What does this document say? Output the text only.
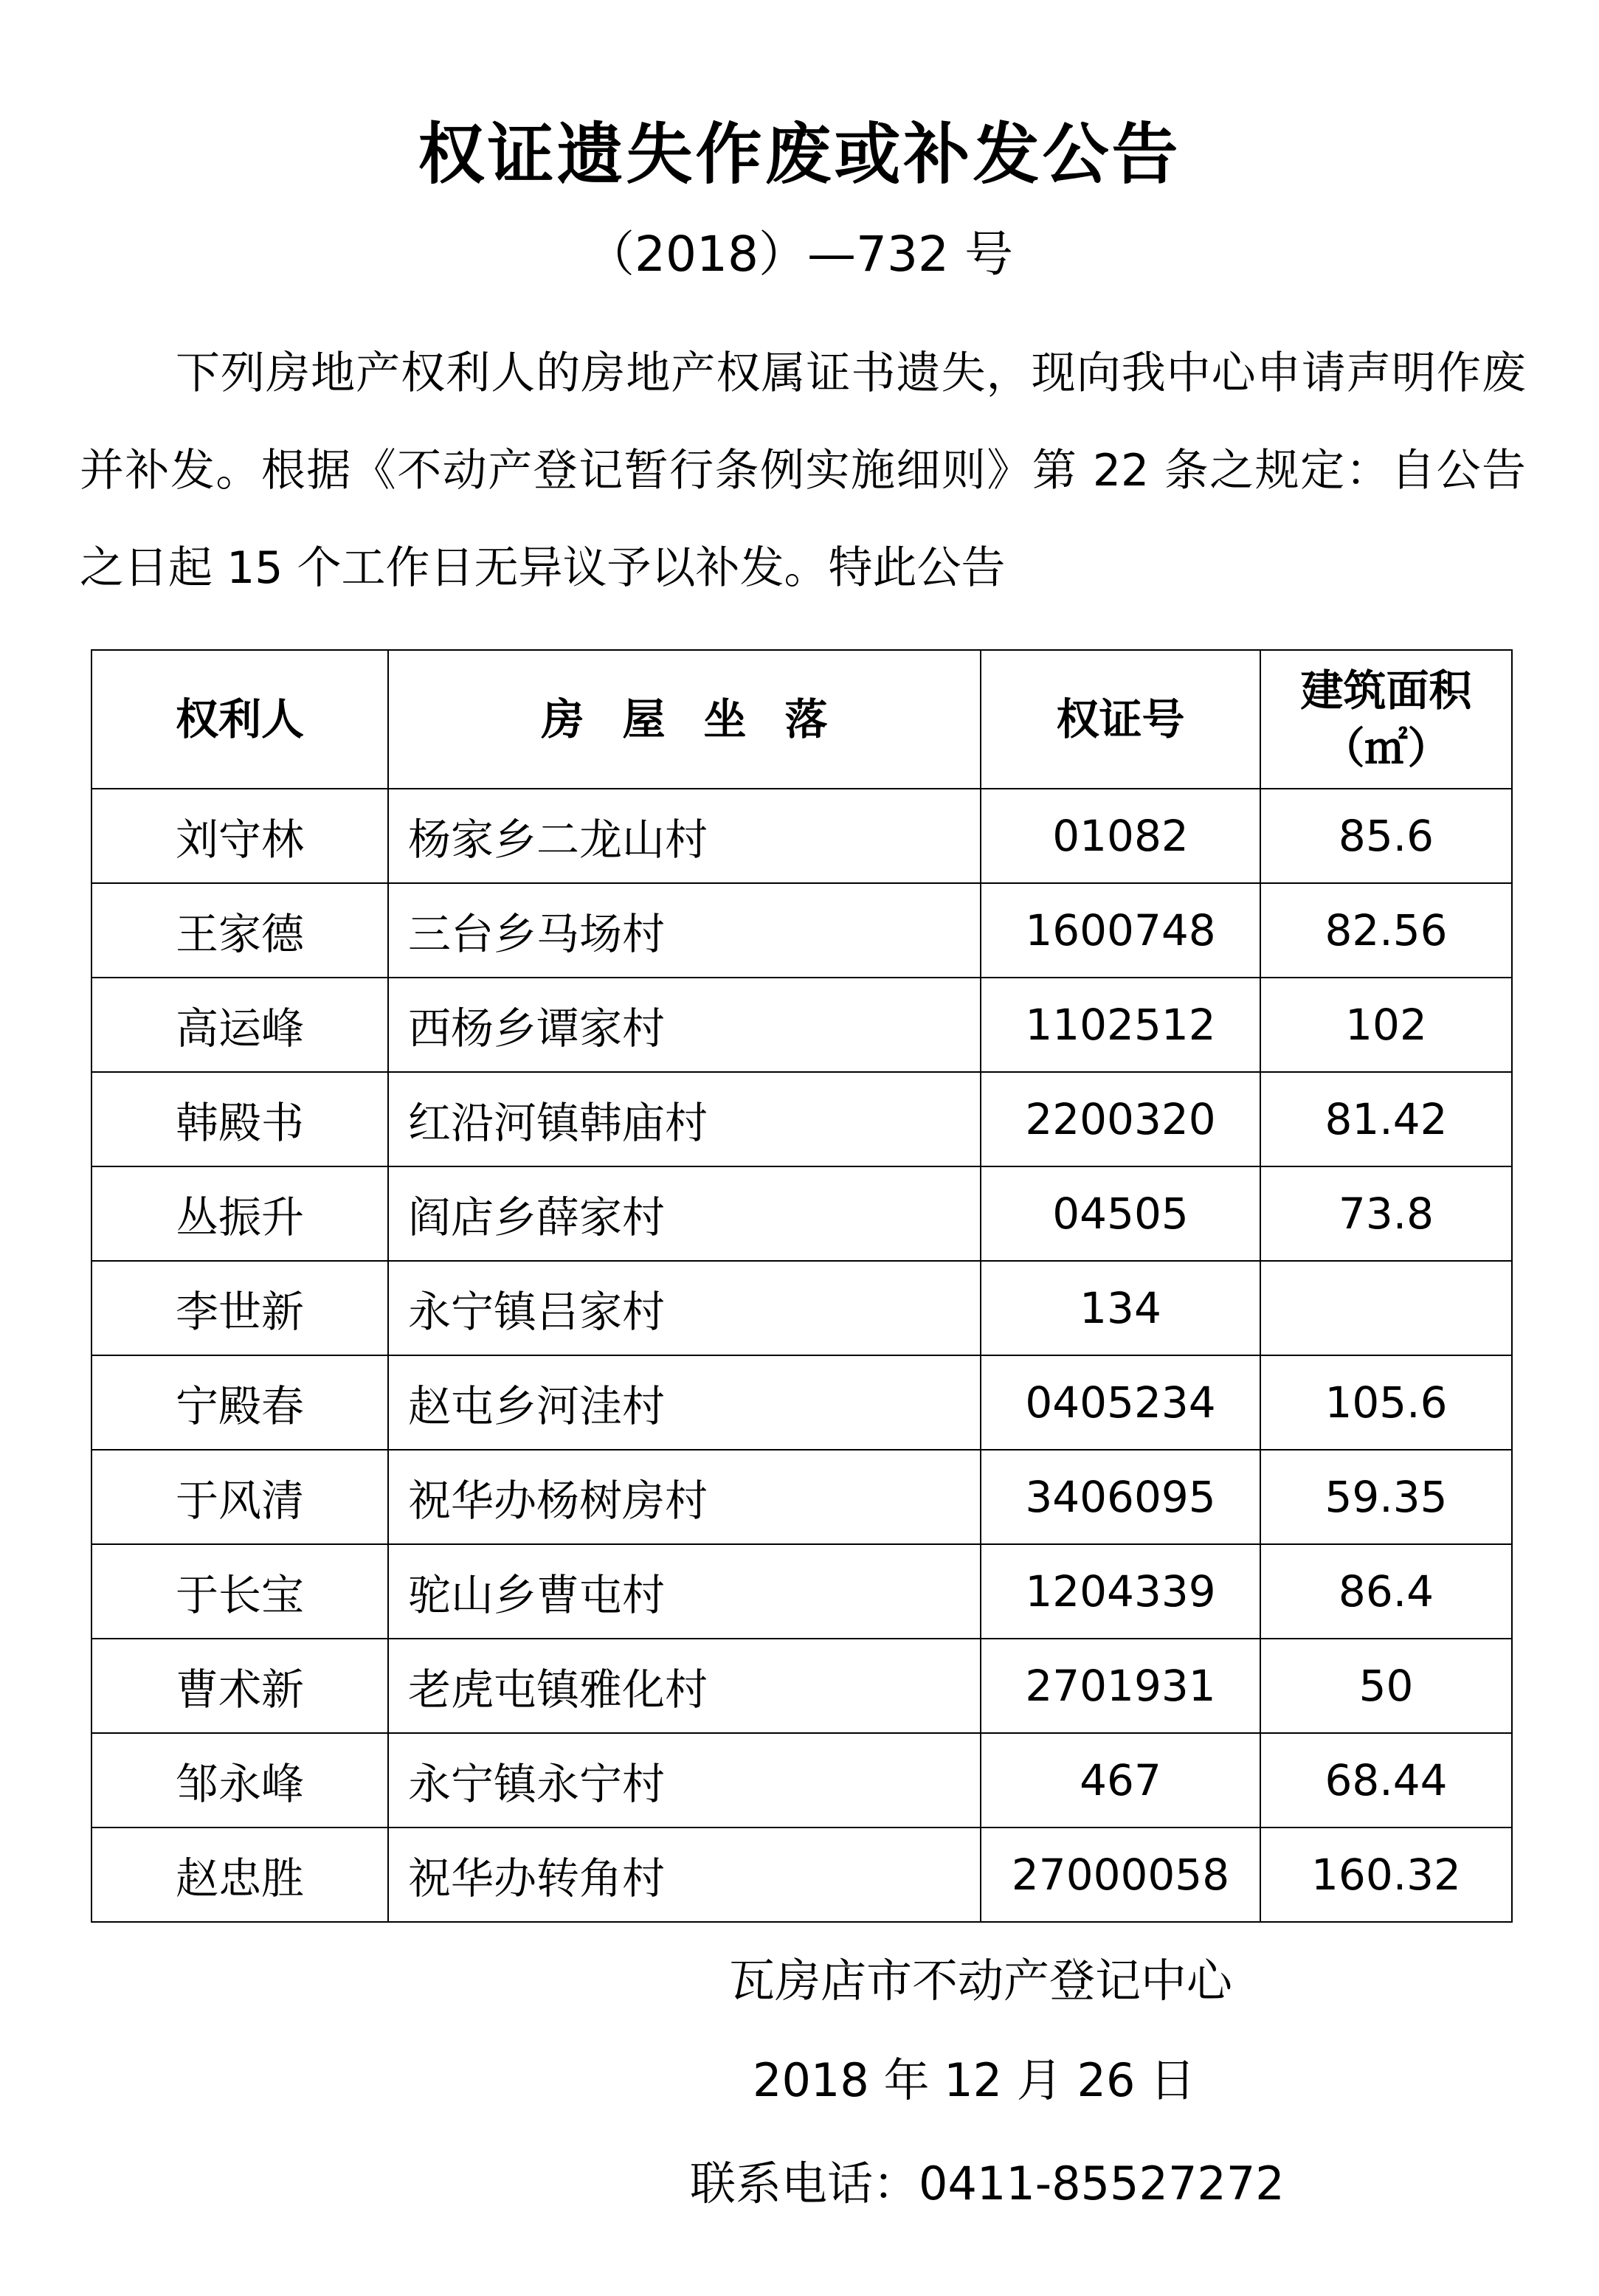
权证遗失作废或补发公告
（2018）—732 号

下列房地产权利人的房地产权属证书遗失，现向我中心申请声明作废并补发。根据《不动产登记暂行条例实施细则》第 22 条之规定：自公告之日起 15 个工作日无异议予以补发。特此公告

权利人	房屋坐落	权证号	建筑面积
（㎡）

刘守林	杨家乡二龙山村	01082	85.6
王家德	三台乡马场村	1600748	82.56
高运峰	西杨乡谭家村	1102512	102
韩殿书	红沿河镇韩庙村	2200320	81.42
丛振升	阎店乡薛家村	04505	73.8
李世新	永宁镇吕家村	134	
宁殿春	赵屯乡河洼村	0405234	105.6
于风清	祝华办杨树房村	3406095	59.35
于长宝	驼山乡曹屯村	1204339	86.4
曹术新	老虎屯镇雅化村	2701931	50
邹永峰	永宁镇永宁村	467	68.44
赵忠胜	祝华办转角村	27000058	160.32
瓦房店市不动产登记中心
2018 年 12 月 26 日
联系电话：0411-85527272
